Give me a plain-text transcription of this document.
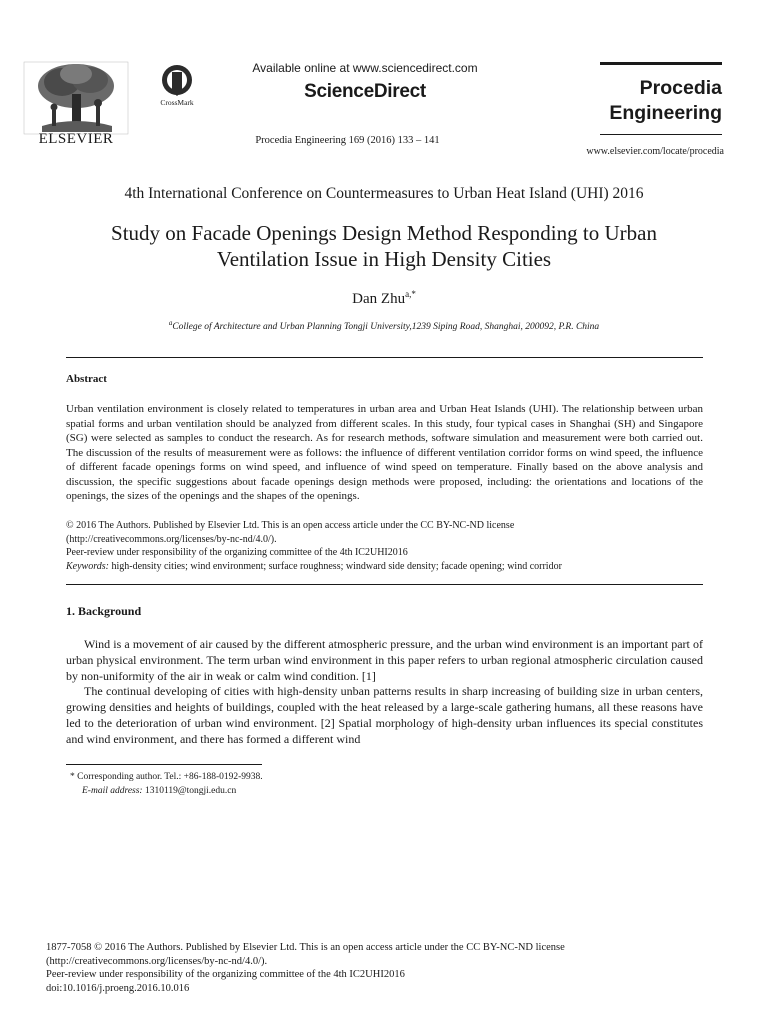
ELSEVIER
CrossMark
Available online at www.sciencedirect.com
ScienceDirect
Procedia Engineering 169 (2016) 133 – 141
Procedia
Engineering
www.elsevier.com/locate/procedia
4th International Conference on Countermeasures to Urban Heat Island (UHI) 2016
Study on Facade Openings Design Method Responding to Urban
Ventilation Issue in High Density Cities
Dan Zhu$^{a,*}$
$^a$College of Architecture and Urban Planning Tongji University,1239 Siping Road, Shanghai, 200092, P.R. China
Abstract
Urban ventilation environment is closely related to temperatures in urban area and Urban Heat Islands (UHI). The relationship between urban spatial forms and urban ventilation should be analyzed from different scales. In this study, four typical cases in Shanghai (SH) and Singapore (SG) were selected as samples to conduct the research. As for research methods, software simulation and measurement were both carried out. The discussion of the results of measurement were as follows: the influence of different ventilation corridor forms on wind speed, the influence of different facade openings forms on wind speed, and influence of wind speed on temperature. Finally based on the above analysis and discussion, the specific suggestions about facade openings design methods were proposed, including: the orientations and locations of the openings, the sizes of the openings and the shapes of the openings.
© 2016 The Authors. Published by Elsevier Ltd. This is an open access article under the CC BY-NC-ND license
(http://creativecommons.org/licenses/by-nc-nd/4.0/).
Peer-review under responsibility of the organizing committee of the 4th IC2UHI2016
Keywords: high-density cities; wind environment; surface roughness; windward side density; facade opening; wind corridor
1. Background

Wind is a movement of air caused by the different atmospheric pressure, and the urban wind environment is an important part of urban physical environment. The term urban wind environment in this paper refers to urban regional atmospheric circulation caused by non-uniformity of the air in weak or calm wind condition. [1]

The continual developing of cities with high-density unban patterns results in sharp increasing of building size in urban centers, growing densities and heights of buildings, coupled with the heat released by a large-scale gathering humans, all these reasons have led to the deterioration of urban wind environment. [2] Spatial morphology of high-density urban influences its special constitutes and wind environment, and there has formed a different wind

* Corresponding author. Tel.: +86-188-0192-9938.
E-mail address: 1310119@tongji.edu.cn
1877-7058 © 2016 The Authors. Published by Elsevier Ltd. This is an open access article under the CC BY-NC-ND license
(http://creativecommons.org/licenses/by-nc-nd/4.0/).
Peer-review under responsibility of the organizing committee of the 4th IC2UHI2016
doi:10.1016/j.proeng.2016.10.016
